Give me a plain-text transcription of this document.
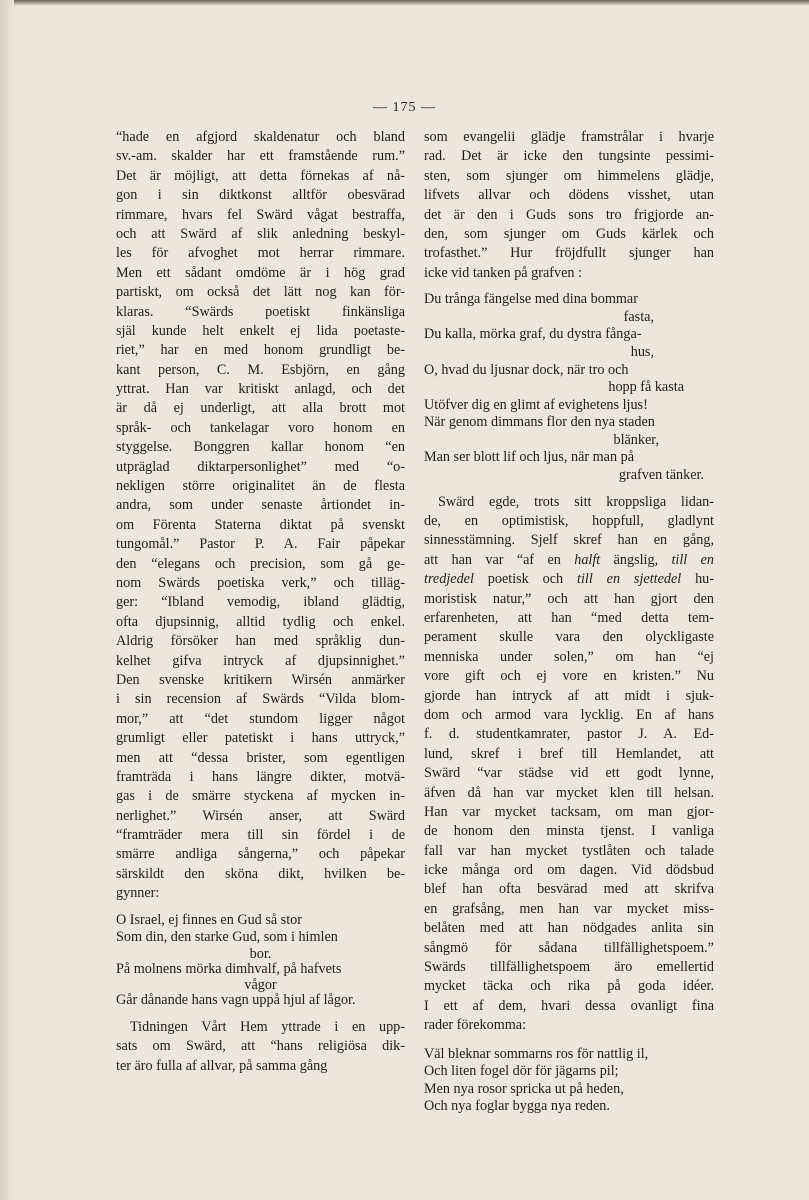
— 175 —
“hade en afgjord skaldenatur och bland
sv.-am. skalder har ett framstående rum.”
Det är möjligt, att detta förnekas af nå-
gon i sin diktkonst alltför obesvärad
rimmare, hvars fel Swärd vågat bestraffa,
och att Swärd af slik anledning beskyl-
les för afvoghet mot herrar rimmare.
Men ett sådant omdöme är i hög grad
partiskt, om också det lätt nog kan för-
klaras. “Swärds poetiskt finkänsliga
själ kunde helt enkelt ej lida poetaste-
riet,” har en med honom grundligt be-
kant person, C. M. Esbjörn, en gång
yttrat. Han var kritiskt anlagd, och det
är då ej underligt, att alla brott mot
språk- och tankelagar voro honom en
styggelse. Bonggren kallar honom “en
utpräglad diktarpersonlighet” med “o-
nekligen större originalitet än de flesta
andra, som under senaste årtiondet in-
om Förenta Staterna diktat på svenskt
tungomål.” Pastor P. A. Fair påpekar
den “elegans och precision, som gå ge-
nom Swärds poetiska verk,” och tilläg-
ger: “Ibland vemodig, ibland glädtig,
ofta djupsinnig, alltid tydlig och enkel.
Aldrig försöker han med språklig dun-
kelhet gifva intryck af djupsinnighet.”
Den svenske kritikern Wirsén anmärker
i sin recension af Swärds “Vilda blom-
mor,” att “det stundom ligger något
grumligt eller patetiskt i hans uttryck,”
men att “dessa brister, som egentligen
framträda i hans längre dikter, motvä-
gas i de smärre styckena af mycken in-
nerlighet.” Wirsén anser, att Swärd
“framträder mera till sin fördel i de
smärre andliga sångerna,” och påpekar
särskildt den sköna dikt, hvilken be-
gynner:
O Israel, ej finnes en Gud så stor
Som din, den starke Gud, som i himlen
bor.
På molnens mörka dimhvalf, på hafvets
vågor
Går dånande hans vagn uppå hjul af lågor.
Tidningen Vårt Hem yttrade i en upp-
sats om Swärd, att “hans religiösa dik-
ter äro fulla af allvar, på samma gång
som evangelii glädje framstrålar i hvarje
rad. Det är icke den tungsinte pessimi-
sten, som sjunger om himmelens glädje,
lifvets allvar och dödens visshet, utan
det är den i Guds sons tro frigjorde an-
den, som sjunger om Guds kärlek och
trofasthet.” Hur fröjdfullt sjunger han
icke vid tanken på grafven :
Du trånga fängelse med dina bommar
fasta,
Du kalla, mörka graf, du dystra fånga-
hus,
O, hvad du ljusnar dock, när tro och
hopp få kasta
Utöfver dig en glimt af evighetens ljus!
När genom dimmans flor den nya staden
blänker,
Man ser blott lif och ljus, när man på
grafven tänker.
Swärd egde, trots sitt kroppsliga lidan-
de, en optimistisk, hoppfull, gladlynt
sinnesstämning. Sjelf skref han en gång,
att han var “af en halft ängslig, till en
tredjedel poetisk och till en sjettedel hu-
moristisk natur,” och att han gjort den
erfarenheten, att han “med detta tem-
perament skulle vara den olyckligaste
menniska under solen,” om han “ej
vore gift och ej vore en kristen.” Nu
gjorde han intryck af att midt i sjuk-
dom och armod vara lycklig. En af hans
f. d. studentkamrater, pastor J. A. Ed-
lund, skref i bref till Hemlandet, att
Swärd “var städse vid ett godt lynne,
äfven då han var mycket klen till helsan.
Han var mycket tacksam, om man gjor-
de honom den minsta tjenst. I vanliga
fall var han mycket tystlåten och talade
icke många ord om dagen. Vid dödsbud
blef han ofta besvärad med att skrifva
en grafsång, men han var mycket miss-
belåten med att han nödgades anlita sin
sångmö för sådana tillfällighetspoem.”
Swärds tillfällighetspoem äro emellertid
mycket täcka och rika på goda idéer.
I ett af dem, hvari dessa ovanligt fina
rader förekomma:
Väl bleknar sommarns ros för nattlig il,
Och liten fogel dör för jägarns pil;
Men nya rosor spricka ut på heden,
Och nya foglar bygga nya reden.
